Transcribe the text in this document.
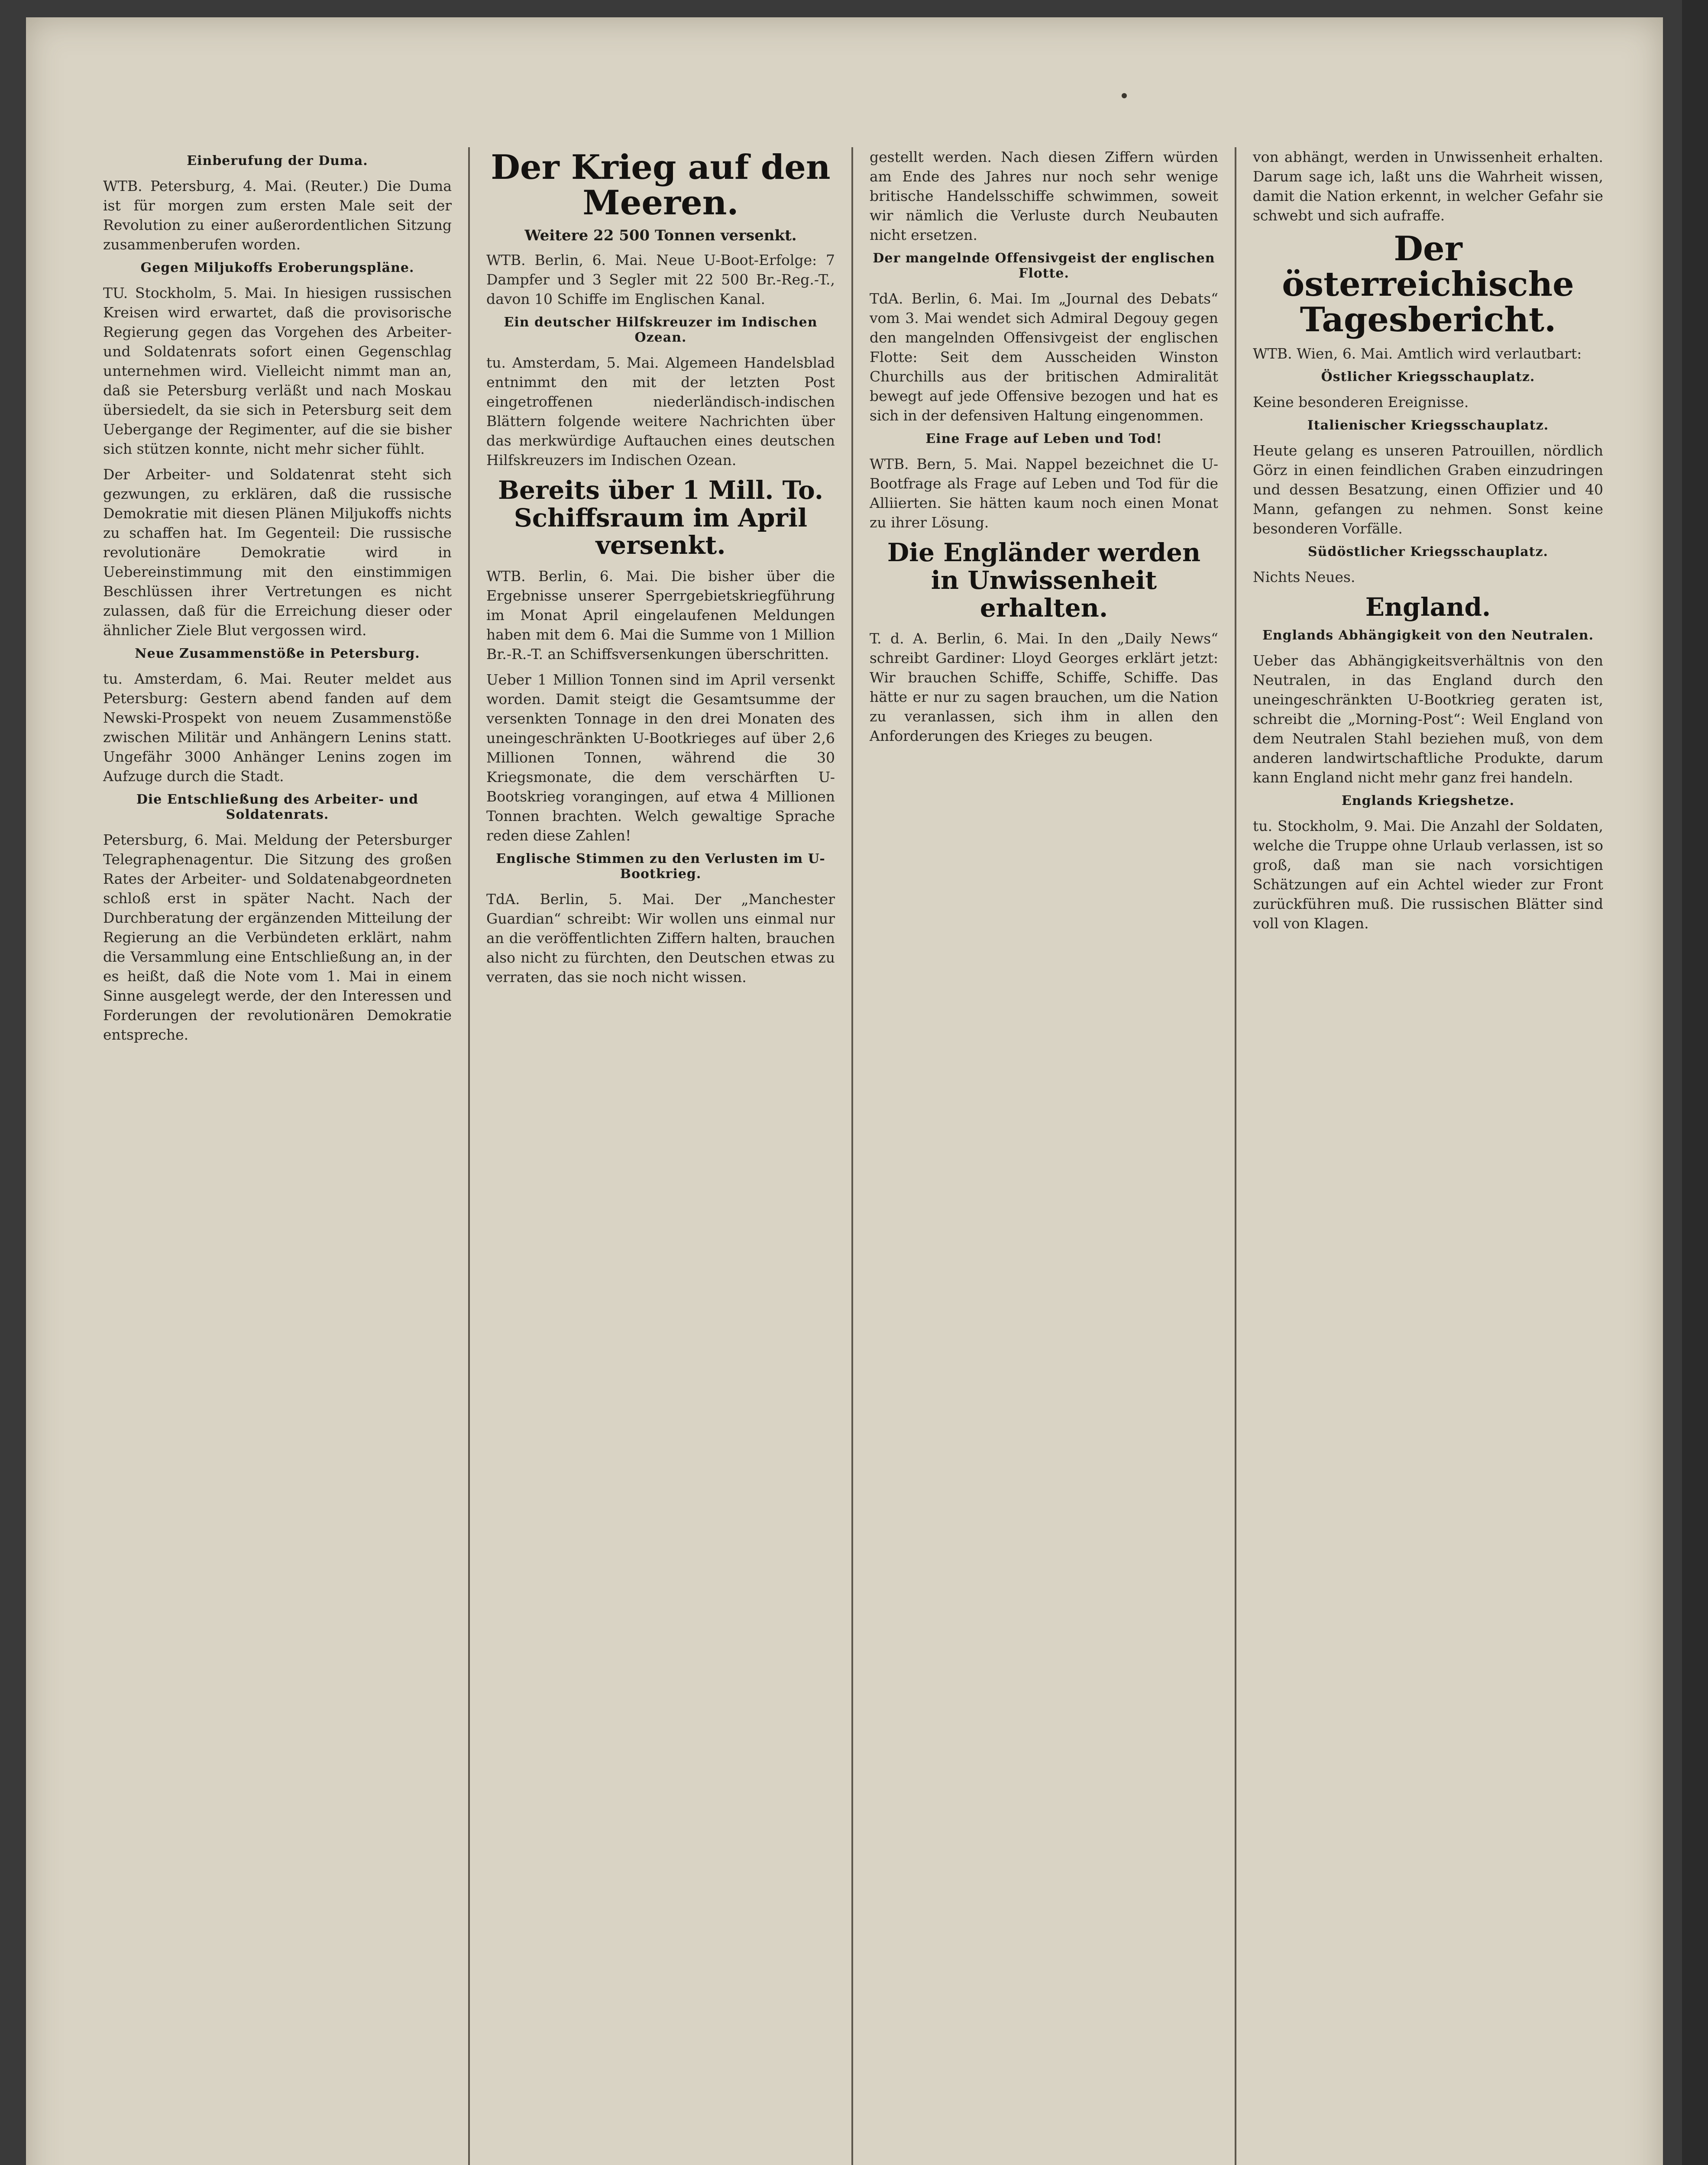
Einberufung der Duma.

WTB. Petersburg, 4. Mai. (Reuter.) Die Duma ist für morgen zum ersten Male seit der Revolution zu einer außerordentlichen Sitzung zusammenberufen worden.

Gegen Miljukoffs Eroberungspläne.

TU. Stockholm, 5. Mai. In hiesigen russischen Kreisen wird erwartet, daß die provisorische Regierung gegen das Vorgehen des Arbeiter- und Soldatenrats sofort einen Gegenschlag unternehmen wird. Vielleicht nimmt man an, daß sie Petersburg verläßt und nach Moskau übersiedelt, da sie sich in Petersburg seit dem Uebergange der Regimenter, auf die sie bisher sich stützen konnte, nicht mehr sicher fühlt.

Der Arbeiter- und Soldatenrat steht sich gezwungen, zu erklären, daß die russische Demokratie mit diesen Plänen Miljukoffs nichts zu schaffen hat. Im Gegenteil: Die russische revolutionäre Demokratie wird in Uebereinstimmung mit den einstimmigen Beschlüssen ihrer Vertretungen es nicht zulassen, daß für die Erreichung dieser oder ähnlicher Ziele Blut vergossen wird.

Neue Zusammenstöße in Petersburg.

tu. Amsterdam, 6. Mai. Reuter meldet aus Petersburg: Gestern abend fanden auf dem Newski-Prospekt von neuem Zusammenstöße zwischen Militär und Anhängern Lenins statt. Ungefähr 3000 Anhänger Lenins zogen im Aufzuge durch die Stadt.

Die Entschließung des Arbeiter- und Soldatenrats.

Petersburg, 6. Mai. Meldung der Petersburger Telegraphenagentur. Die Sitzung des großen Rates der Arbeiter- und Soldatenabgeordneten schloß erst in später Nacht. Nach der Durchberatung der ergänzenden Mitteilung der Regierung an die Verbündeten erklärt, nahm die Versammlung eine Entschließung an, in der es heißt, daß die Note vom 1. Mai in einem Sinne ausgelegt werde, der den Interessen und Forderungen der revolutionären Demokratie entspreche.

Der Krieg auf den Meeren.
Weitere 22 500 Tonnen versenkt.

WTB. Berlin, 6. Mai. Neue U-Boot-Erfolge: 7 Dampfer und 3 Segler mit 22 500 Br.-Reg.-T., davon 10 Schiffe im Englischen Kanal.

Ein deutscher Hilfskreuzer im Indischen Ozean.

tu. Amsterdam, 5. Mai. Algemeen Handelsblad entnimmt den mit der letzten Post eingetroffenen niederländisch-indischen Blättern folgende weitere Nachrichten über das merkwürdige Auftauchen eines deutschen Hilfskreuzers im Indischen Ozean.

Bereits über 1 Mill. To. Schiffsraum im April versenkt.

WTB. Berlin, 6. Mai. Die bisher über die Ergebnisse unserer Sperrgebietskriegführung im Monat April eingelaufenen Meldungen haben mit dem 6. Mai die Summe von 1 Million Br.-R.-T. an Schiffsversenkungen überschritten.

Ueber 1 Million Tonnen sind im April versenkt worden. Damit steigt die Gesamtsumme der versenkten Tonnage in den drei Monaten des uneingeschränkten U-Bootkrieges auf über 2,6 Millionen Tonnen, während die 30 Kriegsmonate, die dem verschärften U-Bootskrieg vorangingen, auf etwa 4 Millionen Tonnen brachten. Welch gewaltige Sprache reden diese Zahlen!

Englische Stimmen zu den Verlusten im U-Bootkrieg.

TdA. Berlin, 5. Mai. Der „Manchester Guardian“ schreibt: Wir wollen uns einmal nur an die veröffentlichten Ziffern halten, brauchen also nicht zu fürchten, den Deutschen etwas zu verraten, das sie noch nicht wissen.

gestellt werden. Nach diesen Ziffern würden am Ende des Jahres nur noch sehr wenige britische Handelsschiffe schwimmen, soweit wir nämlich die Verluste durch Neubauten nicht ersetzen.

Der mangelnde Offensivgeist der englischen Flotte.

TdA. Berlin, 6. Mai. Im „Journal des Debats“ vom 3. Mai wendet sich Admiral Degouy gegen den mangelnden Offensivgeist der englischen Flotte: Seit dem Ausscheiden Winston Churchills aus der britischen Admiralität bewegt auf jede Offensive bezogen und hat es sich in der defensiven Haltung eingenommen.

Eine Frage auf Leben und Tod!

WTB. Bern, 5. Mai. Nappel bezeichnet die U-Bootfrage als Frage auf Leben und Tod für die Alliierten. Sie hätten kaum noch einen Monat zu ihrer Lösung.

Die Engländer werden in Unwissenheit erhalten.

T. d. A. Berlin, 6. Mai. In den „Daily News“ schreibt Gardiner: Lloyd Georges erklärt jetzt: Wir brauchen Schiffe, Schiffe, Schiffe. Das hätte er nur zu sagen brauchen, um die Nation zu veranlassen, sich ihm in allen den Anforderungen des Krieges zu beugen.

von abhängt, werden in Unwissenheit erhalten. Darum sage ich, laßt uns die Wahrheit wissen, damit die Nation erkennt, in welcher Gefahr sie schwebt und sich aufraffe.

Der österreichische Tagesbericht.

WTB. Wien, 6. Mai. Amtlich wird verlautbart:

Östlicher Kriegsschauplatz.

Keine besonderen Ereignisse.

Italienischer Kriegsschauplatz.

Heute gelang es unseren Patrouillen, nördlich Görz in einen feindlichen Graben einzudringen und dessen Besatzung, einen Offizier und 40 Mann, gefangen zu nehmen. Sonst keine besonderen Vorfälle.

Südöstlicher Kriegsschauplatz.

Nichts Neues.

England.
Englands Abhängigkeit von den Neutralen.

Ueber das Abhängigkeitsverhältnis von den Neutralen, in das England durch den uneingeschränkten U-Bootkrieg geraten ist, schreibt die „Morning-Post“: Weil England von dem Neutralen Stahl beziehen muß, von dem anderen landwirtschaftliche Produkte, darum kann England nicht mehr ganz frei handeln.

Englands Kriegshetze.

tu. Stockholm, 9. Mai. Die Anzahl der Soldaten, welche die Truppe ohne Urlaub verlassen, ist so groß, daß man sie nach vorsichtigen Schätzungen auf ein Achtel wieder zur Front zurückführen muß. Die russischen Blätter sind voll von Klagen.
